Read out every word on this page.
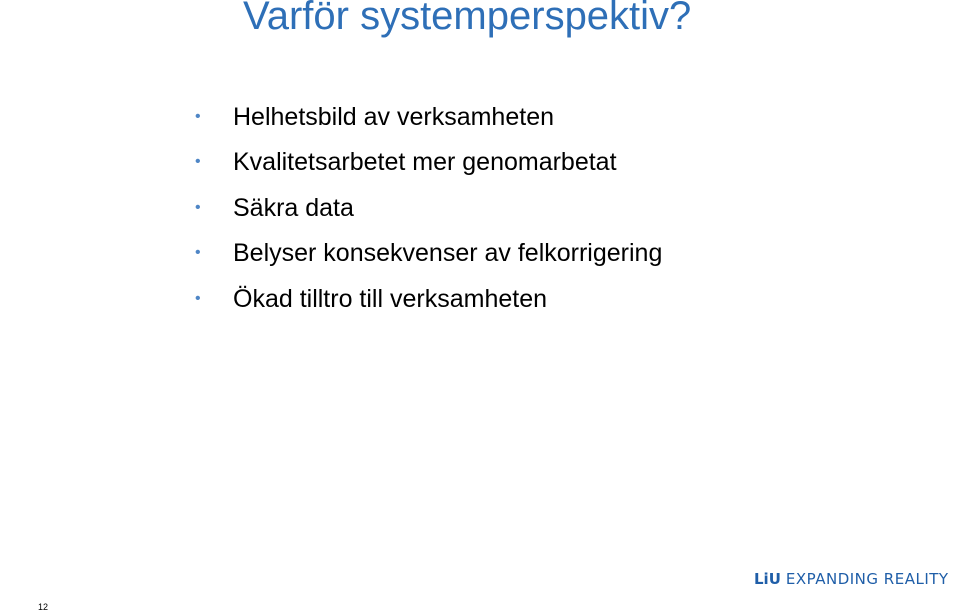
Varför systemperspektiv?
• Helhetsbild av verksamheten
• Kvalitetsarbetet mer genomarbetat
• Säkra data
• Belyser konsekvenser av felkorrigering
• Ökad tilltro till verksamheten
LiU EXPANDING REALITY
12
